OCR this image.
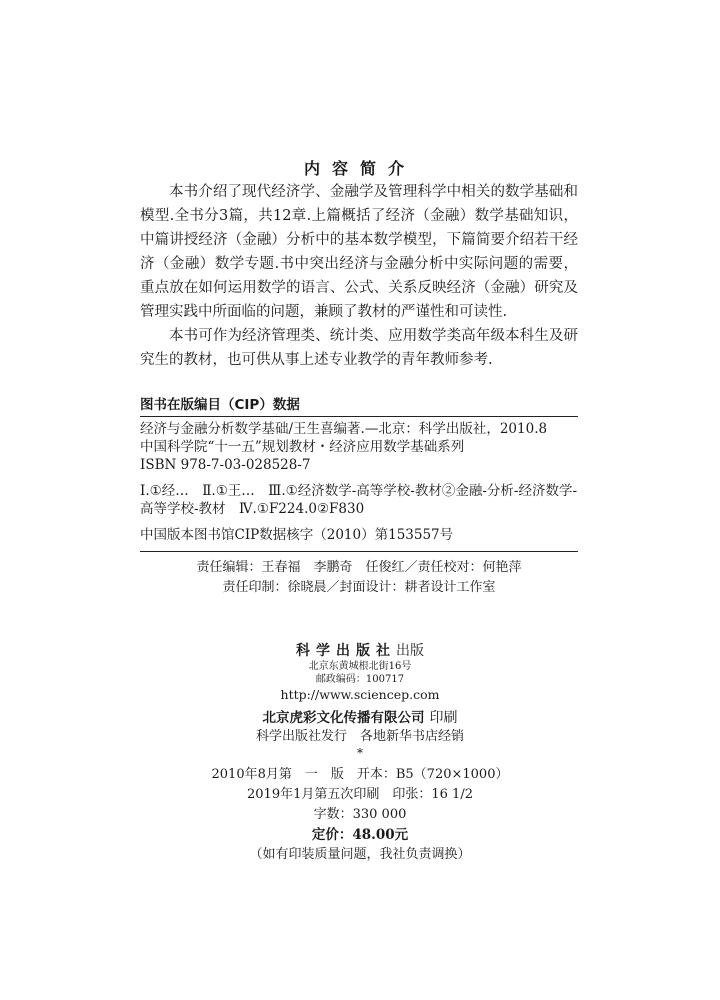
内容简介

本书介绍了现代经济学、金融学及管理科学中相关的数学基础和模型.全书分3篇，共12章.上篇概括了经济（金融）数学基础知识，中篇讲授经济（金融）分析中的基本数学模型，下篇简要介绍若干经济（金融）数学专题.书中突出经济与金融分析中实际问题的需要，重点放在如何运用数学的语言、公式、关系反映经济（金融）研究及管理实践中所面临的问题，兼顾了教材的严谨性和可读性.

本书可作为经济管理类、统计类、应用数学类高年级本科生及研究生的教材，也可供从事上述专业教学的青年教师参考.

图书在版编目（CIP）数据
经济与金融分析数学基础/王生喜编著.—北京：科学出版社，2010.8
中国科学院“十一五”规划教材・经济应用数学基础系列
ISBN 978-7-03-028528-7
Ⅰ.①经…　Ⅱ.①王…　Ⅲ.①经济数学-高等学校-教材②金融-分析-经济数学-高等学校-教材　Ⅳ.①F224.0②F830
中国版本图书馆CIP数据核字（2010）第153557号
责任编辑：王春福　李鹏奇　任俊红／责任校对：何艳萍
责任印制：徐晓晨／封面设计：耕者设计工作室
科学出版社出版
北京东黄城根北街16号
邮政编码：100717
http://www.sciencep.com
北京虎彩文化传播有限公司 印刷
科学出版社发行　各地新华书店经销
*
2010年8月第　一　版　开本：B5（720×1000）
2019年1月第五次印刷　印张：16 1/2
字数：330 000
定价：48.00元
（如有印装质量问题，我社负责调换）
